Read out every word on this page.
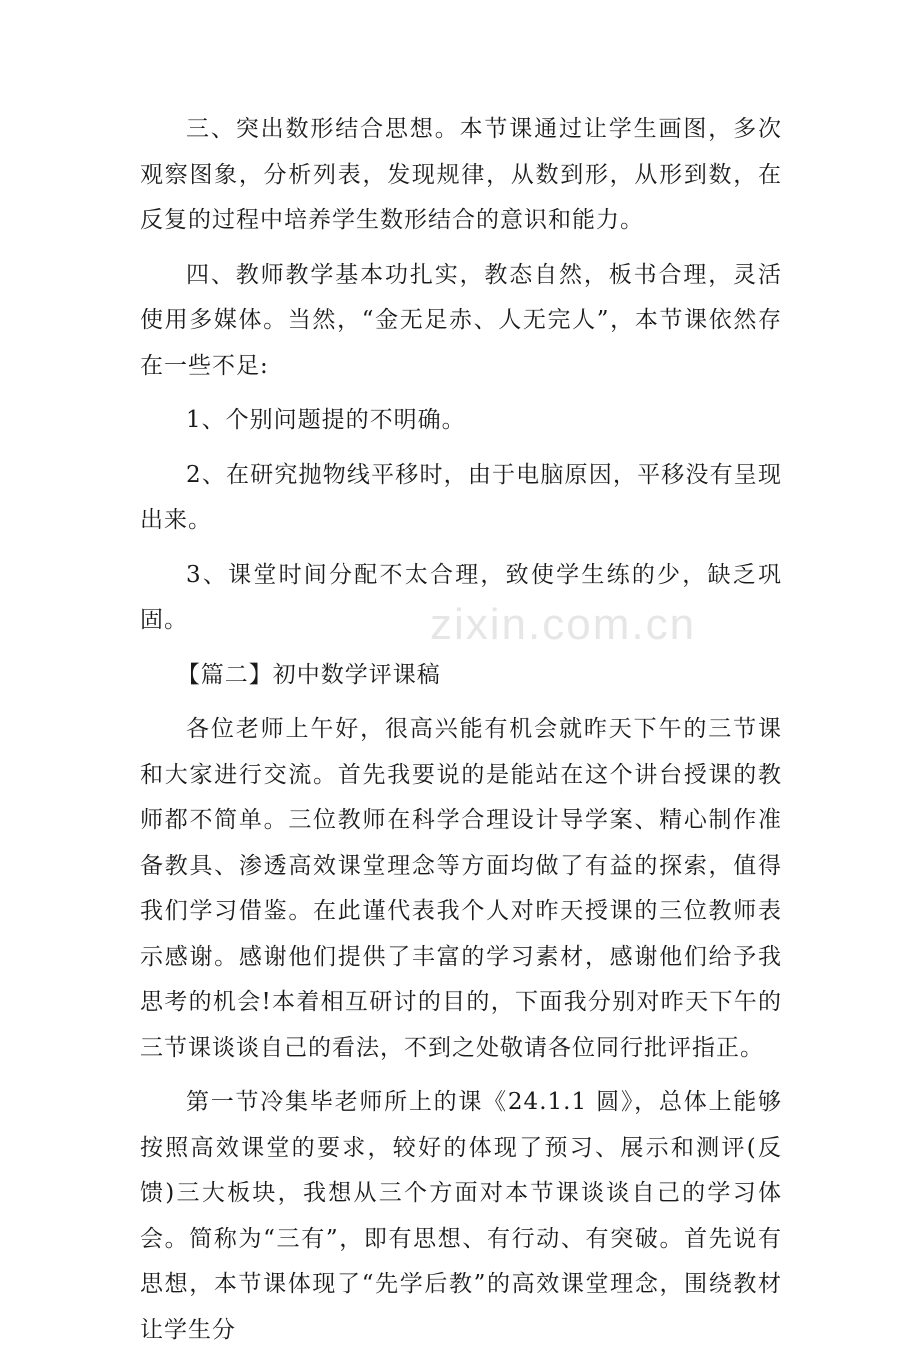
zixin.com.cn

三、突出数形结合思想。本节课通过让学生画图，多次观察图象，分析列表，发现规律，从数到形，从形到数，在反复的过程中培养学生数形结合的意识和能力。

四、教师教学基本功扎实，教态自然，板书合理，灵活使用多媒体。当然，“金无足赤、人无完人”，本节课依然存在一些不足:

1、个别问题提的不明确。

2、在研究抛物线平移时，由于电脑原因，平移没有呈现出来。

3、课堂时间分配不太合理，致使学生练的少，缺乏巩固。

【篇二】初中数学评课稿

各位老师上午好，很高兴能有机会就昨天下午的三节课和大家进行交流。首先我要说的是能站在这个讲台授课的教师都不简单。三位教师在科学合理设计导学案、精心制作准备教具、渗透高效课堂理念等方面均做了有益的探索，值得我们学习借鉴。在此谨代表我个人对昨天授课的三位教师表示感谢。感谢他们提供了丰富的学习素材，感谢他们给予我思考的机会!本着相互研讨的目的，下面我分别对昨天下午的三节课谈谈自己的看法，不到之处敬请各位同行批评指正。

第一节冷集毕老师所上的课《24.1.1 圆》，总体上能够按照高效课堂的要求，较好的体现了预习、展示和测评(反馈)三大板块，我想从三个方面对本节课谈谈自己的学习体会。简称为“三有”，即有思想、有行动、有突破。首先说有思想，本节课体现了“先学后教”的高效课堂理念，围绕教材让学生分
